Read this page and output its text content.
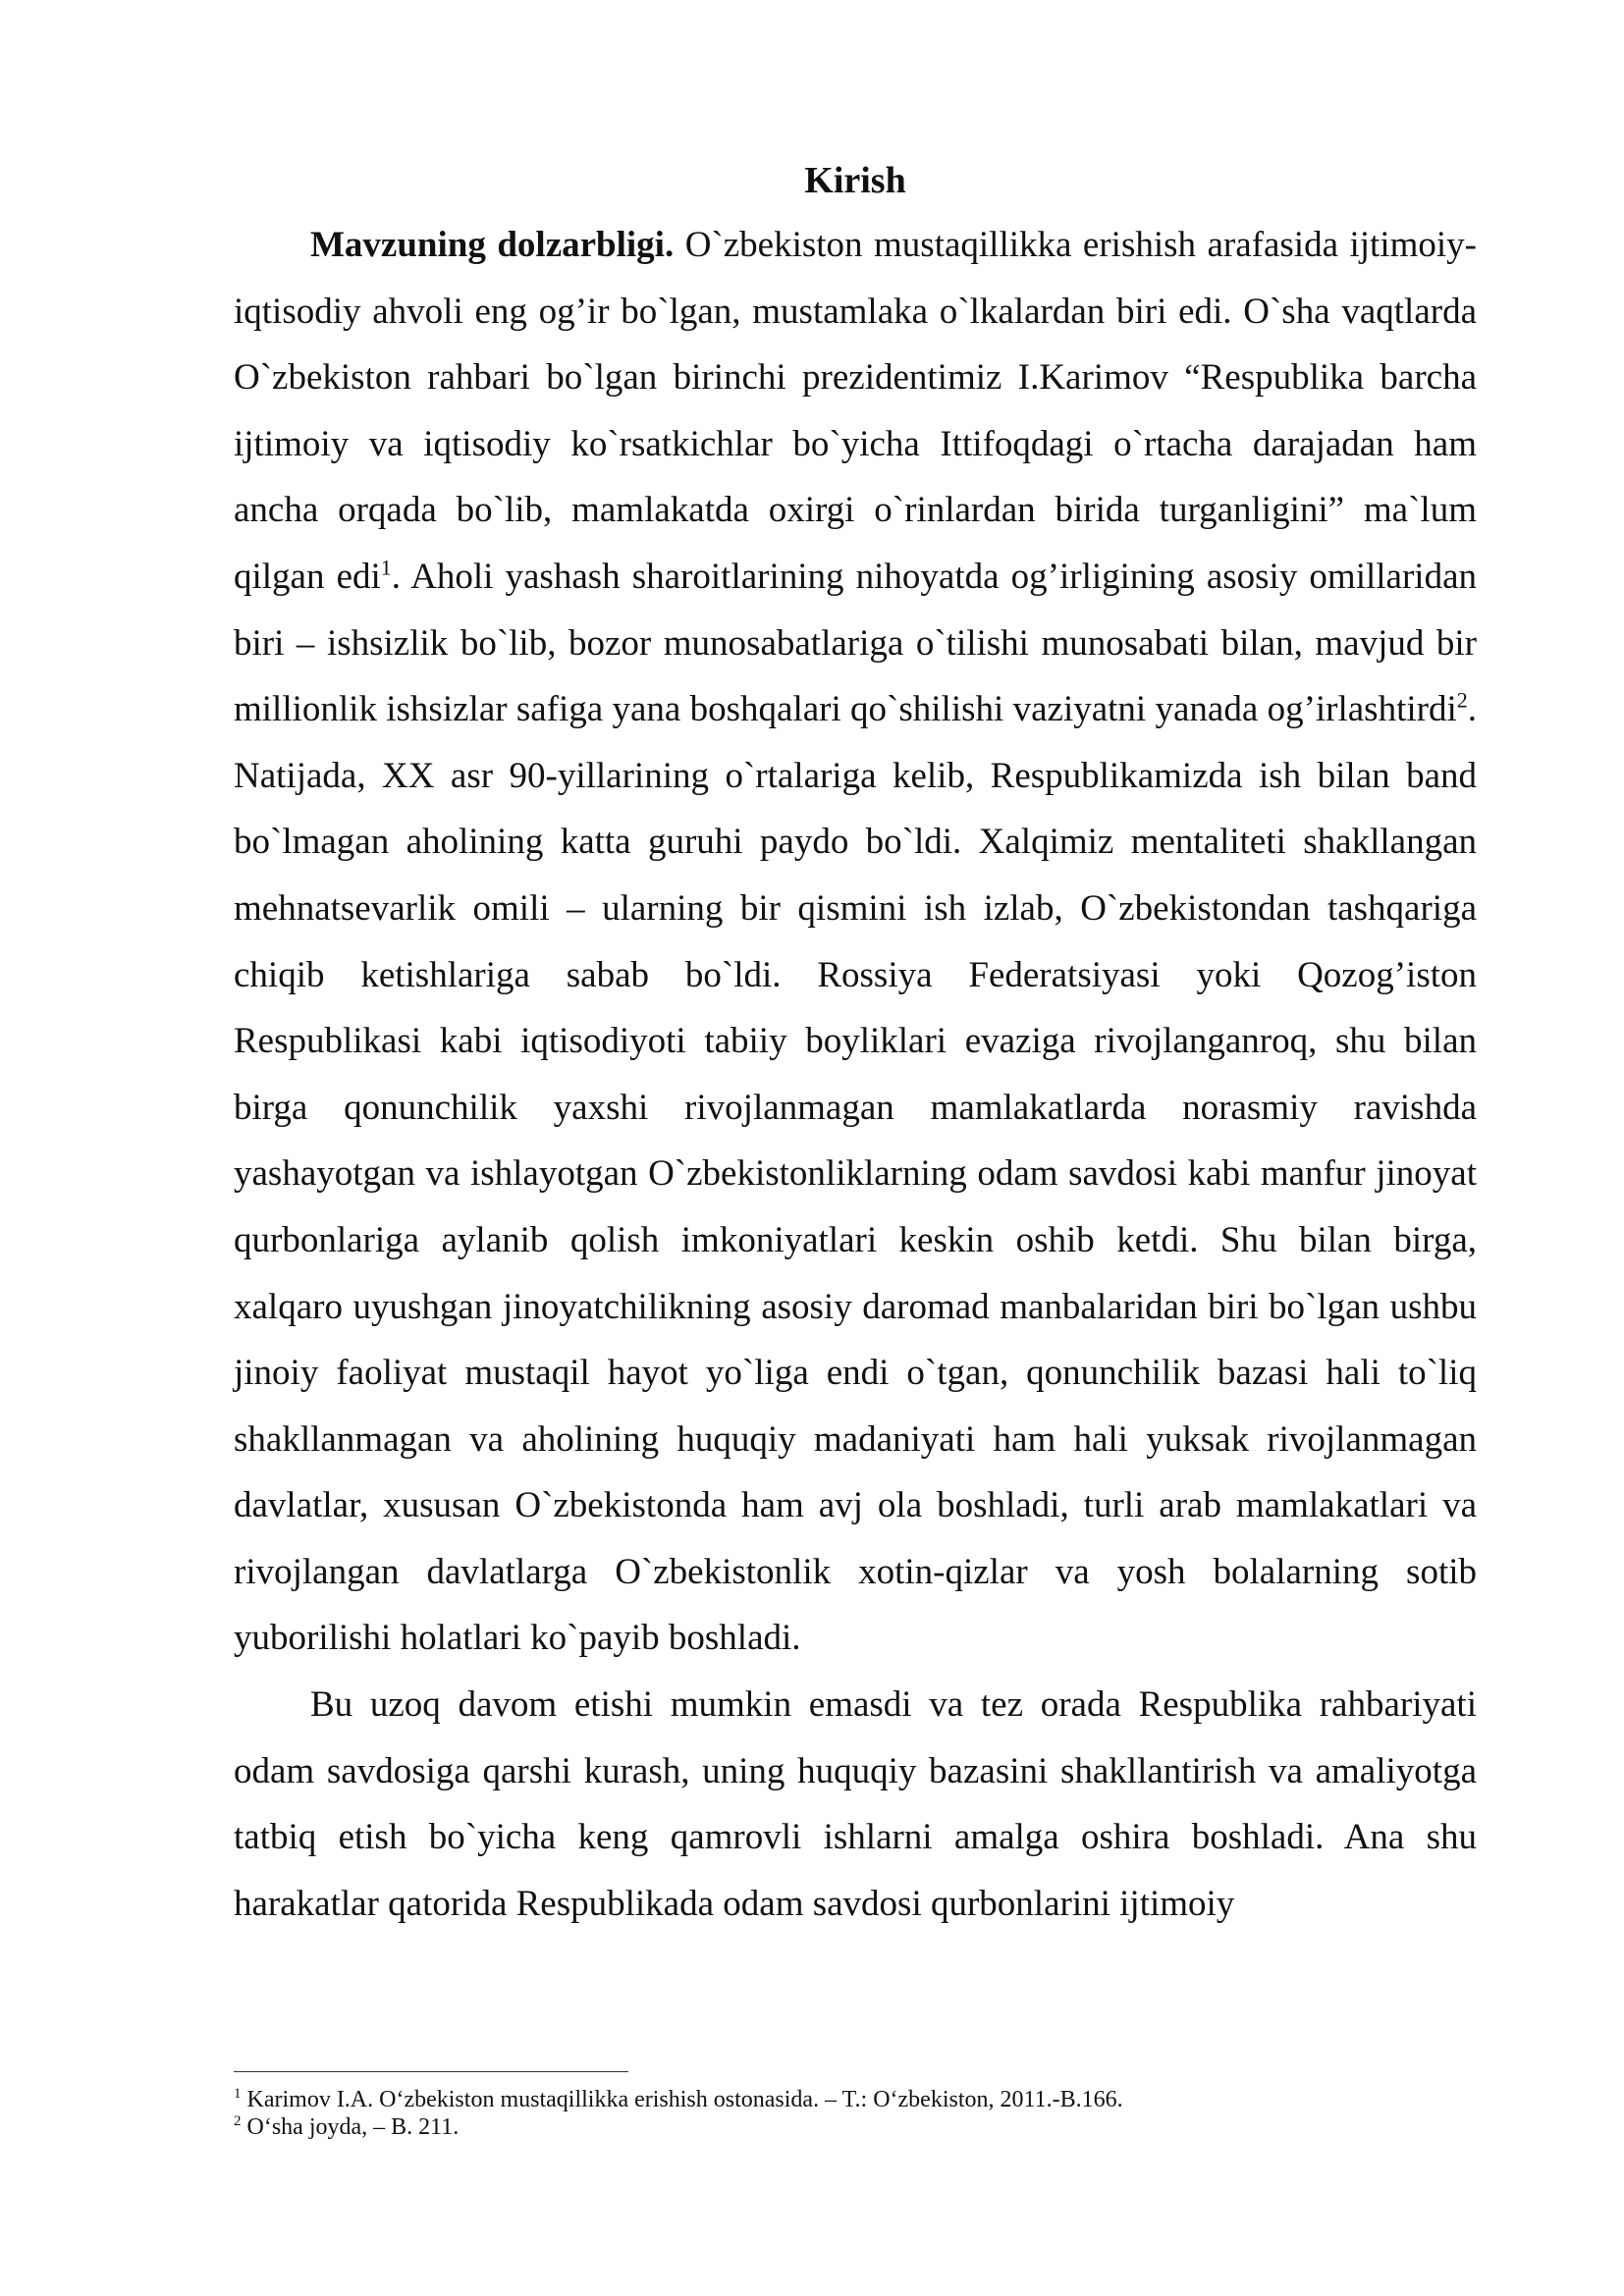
Kirish

Mavzuning dolzarbligi. O`zbekiston mustaqillikka erishish arafasida ijtimoiy-iqtisodiy ahvoli eng og’ir bo`lgan, mustamlaka o`lkalardan biri edi. O`sha vaqtlarda O`zbekiston rahbari bo`lgan birinchi prezidentimiz I.Karimov “Respublika barcha ijtimoiy va iqtisodiy ko`rsatkichlar bo`yicha Ittifoqdagi o`rtacha darajadan ham ancha orqada bo`lib, mamlakatda oxirgi o`rinlardan birida turganligini” ma`lum qilgan edi$^1$. Aholi yashash sharoitlarining nihoyatda og’irligining asosiy omillaridan biri – ishsizlik bo`lib, bozor munosabatlariga o`tilishi munosabati bilan, mavjud bir millionlik ishsizlar safiga yana boshqalari qo`shilishi vaziyatni yanada og’irlashtirdi$^2$. Natijada, XX asr 90-yillarining o`rtalariga kelib, Respublikamizda ish bilan band bo`lmagan aholining katta guruhi paydo bo`ldi. Xalqimiz mentaliteti shakllangan mehnatsevarlik omili – ularning bir qismini ish izlab, O`zbekistondan tashqariga chiqib ketishlariga sabab bo`ldi. Rossiya Federatsiyasi yoki Qozog’iston Respublikasi kabi iqtisodiyoti tabiiy boyliklari evaziga rivojlanganroq, shu bilan birga qonunchilik yaxshi rivojlanmagan mamlakatlarda norasmiy ravishda yashayotgan va ishlayotgan O`zbekistonliklarning odam savdosi kabi manfur jinoyat qurbonlariga aylanib qolish imkoniyatlari keskin oshib ketdi. Shu bilan birga, xalqaro uyushgan jinoyatchilikning asosiy daromad manbalaridan biri bo`lgan ushbu jinoiy faoliyat mustaqil hayot yo`liga endi o`tgan, qonunchilik bazasi hali to`liq shakllanmagan va aholining huquqiy madaniyati ham hali yuksak rivojlanmagan davlatlar, xususan O`zbekistonda ham avj ola boshladi, turli arab mamlakatlari va rivojlangan davlatlarga O`zbekistonlik xotin-qizlar va yosh bolalarning sotib yuborilishi holatlari ko`payib boshladi.

Bu uzoq davom etishi mumkin emasdi va tez orada Respublika rahbariyati odam savdosiga qarshi kurash, uning huquqiy bazasini shakllantirish va amaliyotga tatbiq etish bo`yicha keng qamrovli ishlarni amalga oshira boshladi. Ana shu harakatlar qatorida Respublikada odam savdosi qurbonlarini ijtimoiy

$^1$ Karimov I.A. O‘zbekiston mustaqillikka erishish ostonasida. – T.: O‘zbekiston, 2011.-B.166.

$^2$ O‘sha joyda, – B. 211.
